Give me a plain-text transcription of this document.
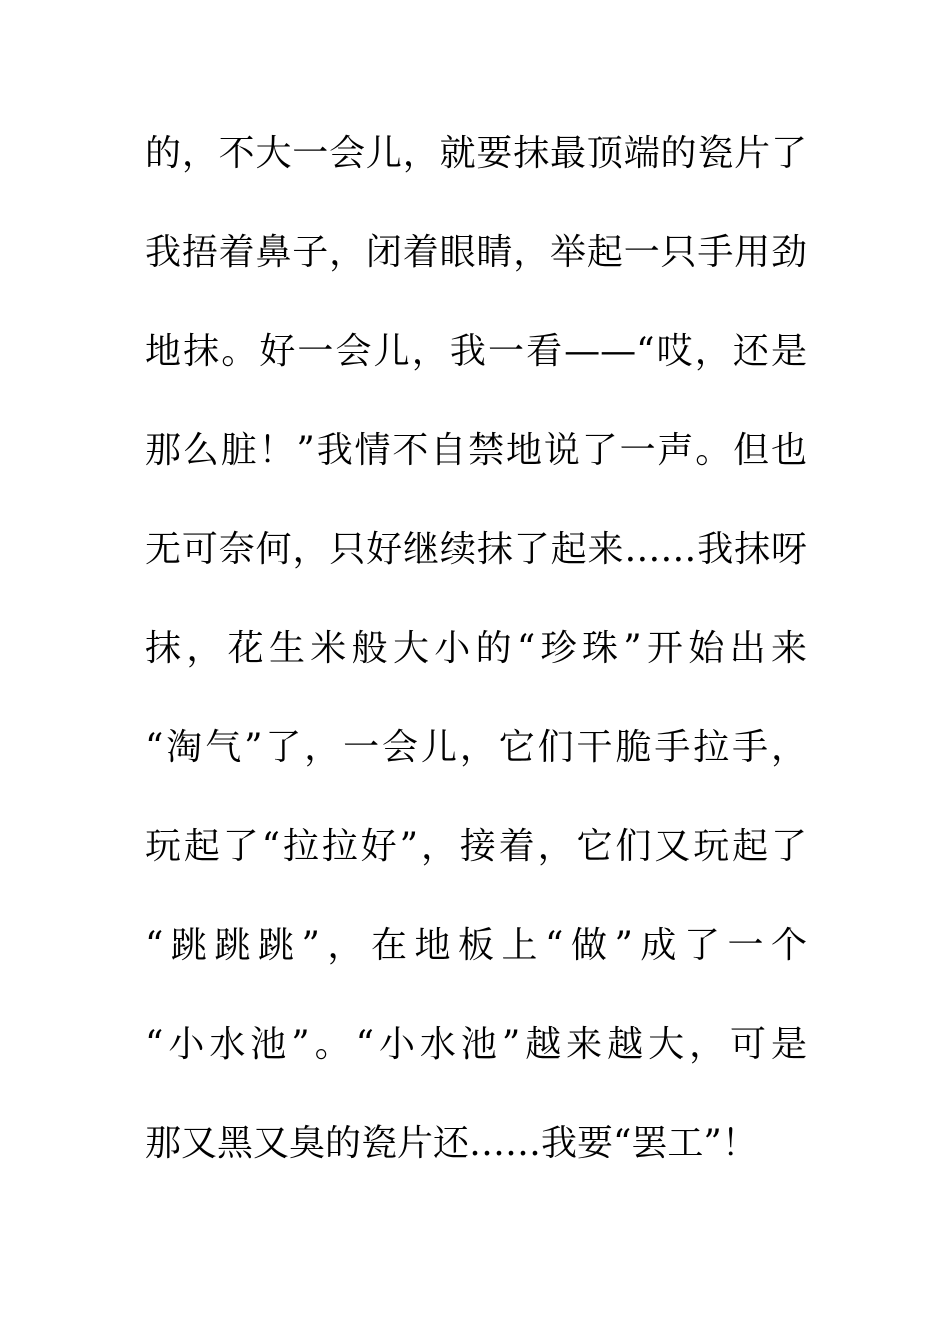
的，不大一会儿，就要抹最顶端的瓷片了
我捂着鼻子，闭着眼睛，举起一只手用劲
地抹。好一会儿，我一看——“哎，还是
那么脏！”我情不自禁地说了一声。但也
无可奈何，只好继续抹了起来……我抹呀
抹，花生米般大小的“珍珠”开始出来
“淘气”了，一会儿，它们干脆手拉手，
玩起了“拉拉好”，接着，它们又玩起了
“跳跳跳”，在地板上“做”成了一个
“小水池”。“小水池”越来越大，可是
那又黑又臭的瓷片还……我要“罢工”！
